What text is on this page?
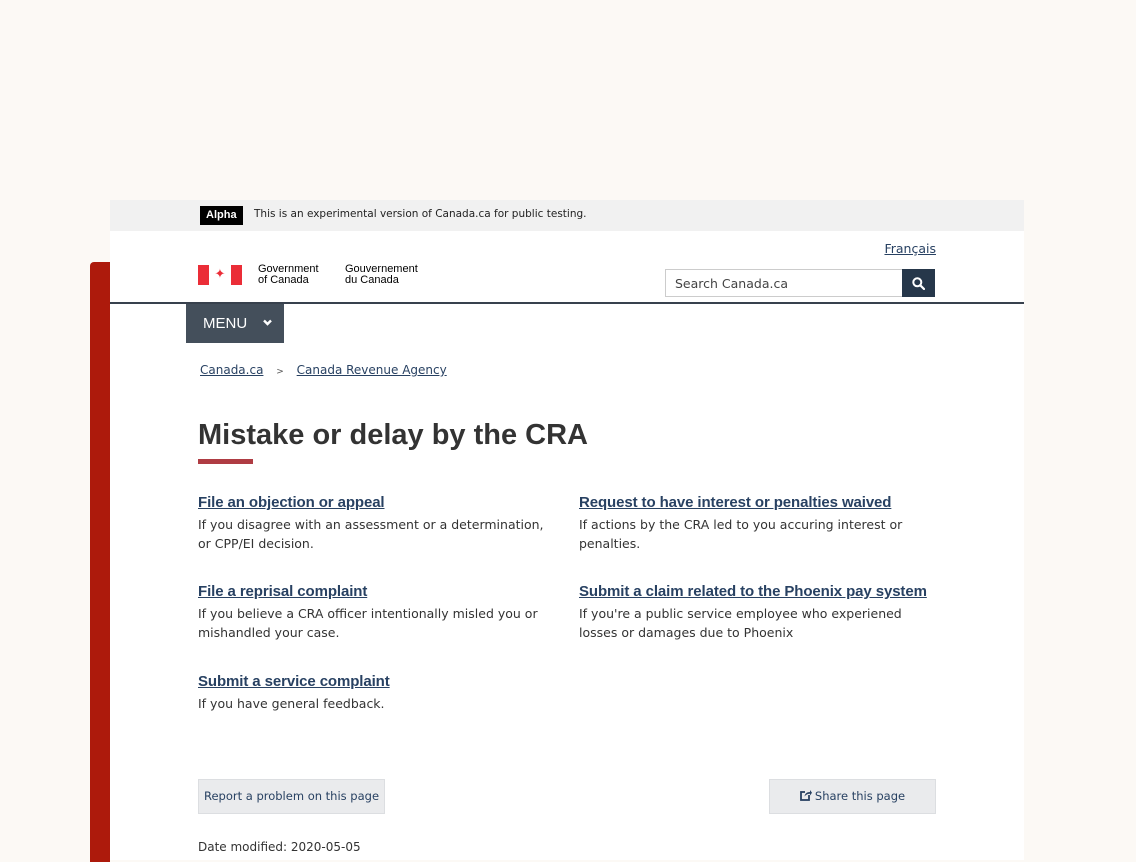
Alpha	This is an experimental version of Canada.ca for public testing.
Français
✦	Government
of Canada
Gouvernement
du Canada
Search Canada.ca
MENU
Canada.ca > Canada Revenue Agency
Mistake or delay by the CRA
File an objection or appeal

If you disagree with an assessment or a determination, or CPP/EI decision.

Request to have interest or penalties waived

If actions by the CRA led to you accuring interest or penalties.

File a reprisal complaint

If you believe a CRA officer intentionally misled you or mishandled your case.

Submit a claim related to the Phoenix pay system

If you're a public service employee who experiened losses or damages due to Phoenix

Submit a service complaint

If you have general feedback.

Report a problem on this page	Share this page
Date modified: 2020-05-05
